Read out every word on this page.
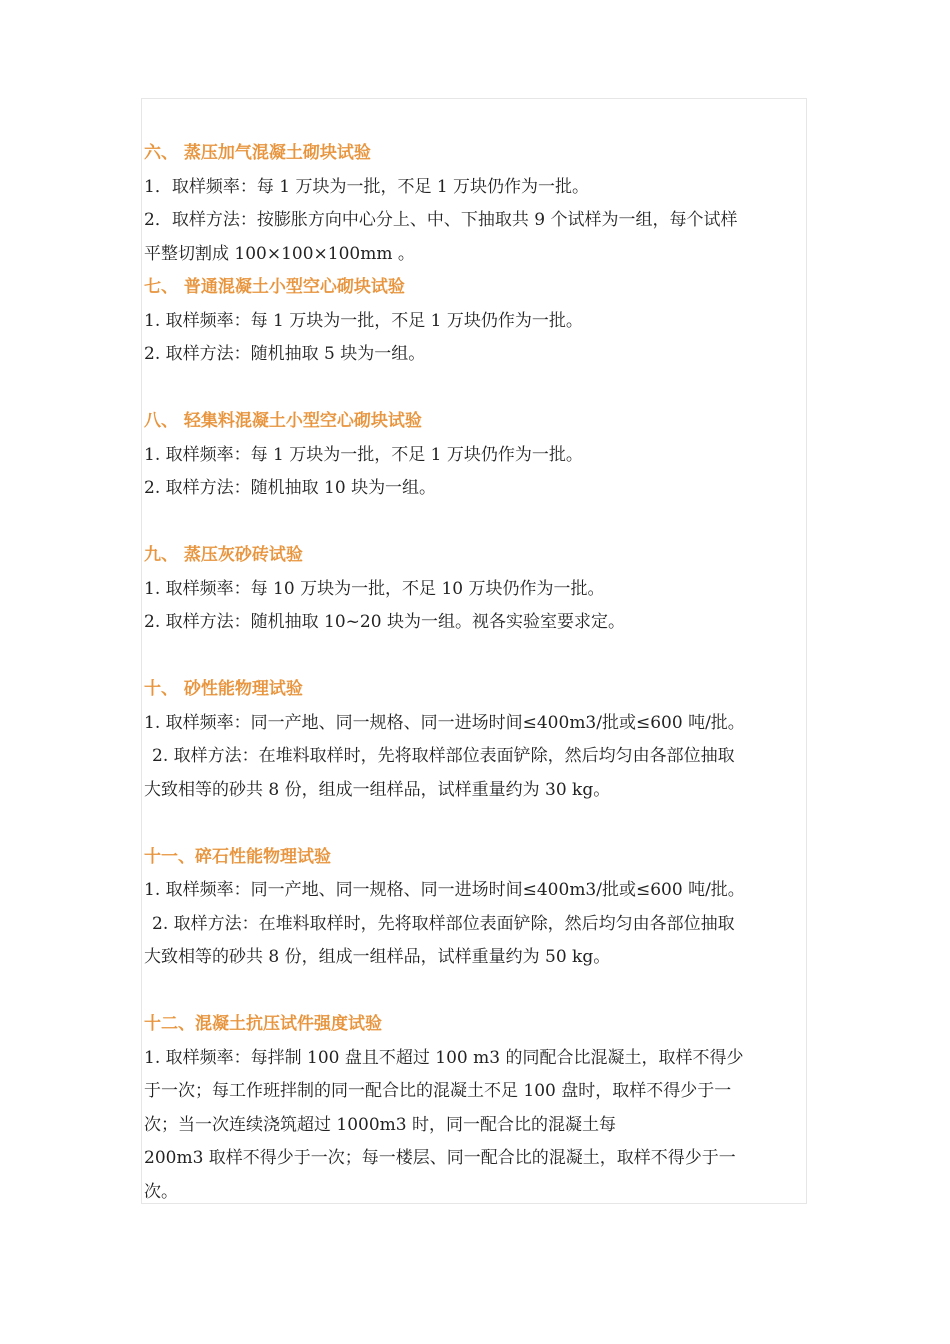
六、 蒸压加气混凝土砌块试验
1．取样频率：每 1 万块为一批，不足 1 万块仍作为一批。
2．取样方法：按膨胀方向中心分上、中、下抽取共 9 个试样为一组，每个试样
平整切割成 100×100×100mm 。
七、 普通混凝土小型空心砌块试验
1. 取样频率：每 1 万块为一批，不足 1 万块仍作为一批。
2. 取样方法：随机抽取 5 块为一组。
八、 轻集料混凝土小型空心砌块试验
1. 取样频率：每 1 万块为一批，不足 1 万块仍作为一批。
2. 取样方法：随机抽取 10 块为一组。
九、 蒸压灰砂砖试验
1. 取样频率：每 10 万块为一批，不足 10 万块仍作为一批。
2. 取样方法：随机抽取 10~20 块为一组。视各实验室要求定。
十、 砂性能物理试验
1. 取样频率：同一产地、同一规格、同一进场时间≤400m3/批或≤600 吨/批。
2. 取样方法：在堆料取样时，先将取样部位表面铲除，然后均匀由各部位抽取
大致相等的砂共 8 份，组成一组样品，试样重量约为 30 kg。
十一、碎石性能物理试验
1. 取样频率：同一产地、同一规格、同一进场时间≤400m3/批或≤600 吨/批。
2. 取样方法：在堆料取样时，先将取样部位表面铲除，然后均匀由各部位抽取
大致相等的砂共 8 份，组成一组样品，试样重量约为 50 kg。
十二、混凝土抗压试件强度试验
1. 取样频率：每拌制 100 盘且不超过 100 m3 的同配合比混凝土，取样不得少
于一次；每工作班拌制的同一配合比的混凝土不足 100 盘时，取样不得少于一
次；当一次连续浇筑超过 1000m3 时，同一配合比的混凝土每
200m3 取样不得少于一次；每一楼层、同一配合比的混凝土，取样不得少于一
次。
